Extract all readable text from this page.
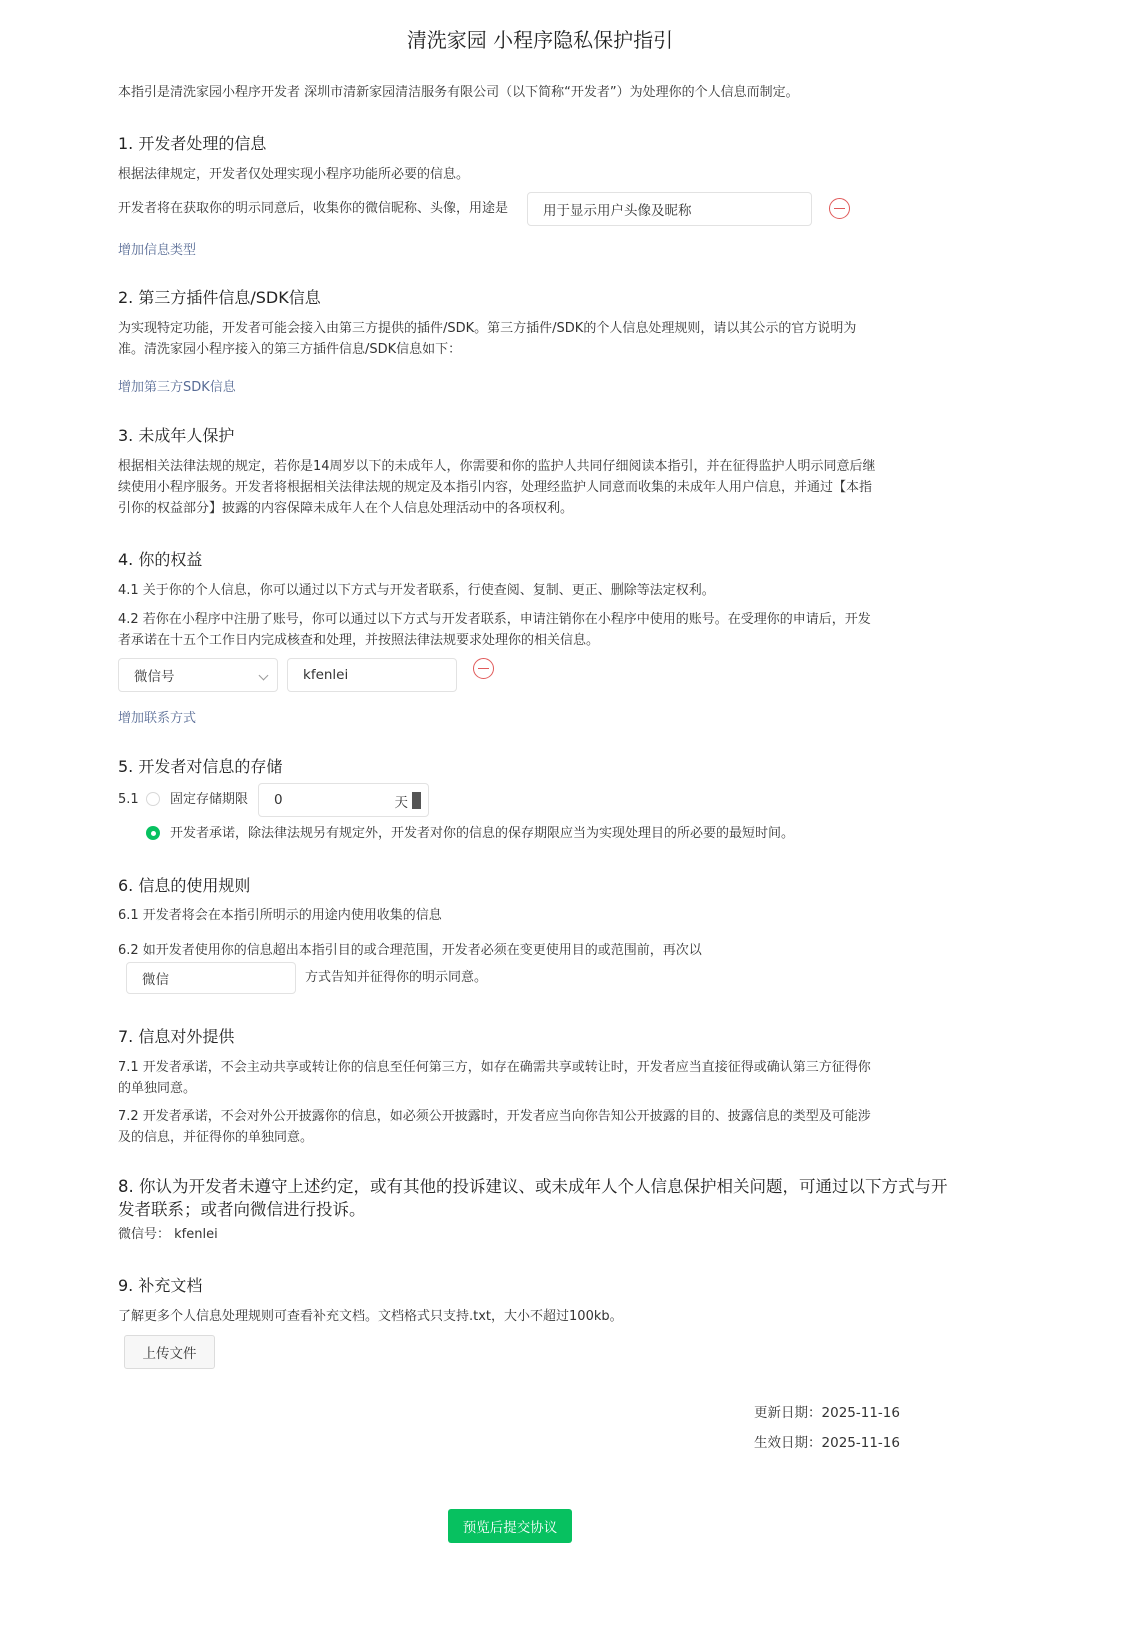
清洗家园 小程序隐私保护指引
本指引是清洗家园小程序开发者 深圳市清新家园清洁服务有限公司（以下简称“开发者”）为处理你的个人信息而制定。
1. 开发者处理的信息
根据法律规定，开发者仅处理实现小程序功能所必要的信息。
开发者将在获取你的明示同意后，收集你的微信昵称、头像，用途是	用于显示用户头像及昵称
增加信息类型
2. 第三方插件信息/SDK信息
为实现特定功能，开发者可能会接入由第三方提供的插件/SDK。第三方插件/SDK的个人信息处理规则，请以其公示的官方说明为
准。清洗家园小程序接入的第三方插件信息/SDK信息如下：
增加第三方SDK信息
3. 未成年人保护
根据相关法律法规的规定，若你是14周岁以下的未成年人，你需要和你的监护人共同仔细阅读本指引，并在征得监护人明示同意后继
续使用小程序服务。开发者将根据相关法律法规的规定及本指引内容，处理经监护人同意而收集的未成年人用户信息，并通过【本指
引你的权益部分】披露的内容保障未成年人在个人信息处理活动中的各项权利。
4. 你的权益
4.1 关于你的个人信息，你可以通过以下方式与开发者联系，行使查阅、复制、更正、删除等法定权利。
4.2 若你在小程序中注册了账号，你可以通过以下方式与开发者联系，申请注销你在小程序中使用的账号。在受理你的申请后，开发
者承诺在十五个工作日内完成核查和处理，并按照法律法规要求处理你的相关信息。
微信号	kfenlei
增加联系方式
5. 开发者对信息的存储
5.1 固定存储期限 0	天
开发者承诺，除法律法规另有规定外，开发者对你的信息的保存期限应当为实现处理目的所必要的最短时间。
6. 信息的使用规则
6.1 开发者将会在本指引所明示的用途内使用收集的信息
6.2 如开发者使用你的信息超出本指引目的或合理范围，开发者必须在变更使用目的或范围前，再次以
微信	方式告知并征得你的明示同意。
7. 信息对外提供
7.1 开发者承诺，不会主动共享或转让你的信息至任何第三方，如存在确需共享或转让时，开发者应当直接征得或确认第三方征得你
的单独同意。
7.2 开发者承诺，不会对外公开披露你的信息，如必须公开披露时，开发者应当向你告知公开披露的目的、披露信息的类型及可能涉
及的信息，并征得你的单独同意。
8. 你认为开发者未遵守上述约定，或有其他的投诉建议、或未成年人个人信息保护相关问题，可通过以下方式与开
发者联系；或者向微信进行投诉。
微信号： kfenlei
9. 补充文档
了解更多个人信息处理规则可查看补充文档。文档格式只支持.txt，大小不超过100kb。
上传文件
更新日期：2025-11-16
生效日期：2025-11-16
预览后提交协议
